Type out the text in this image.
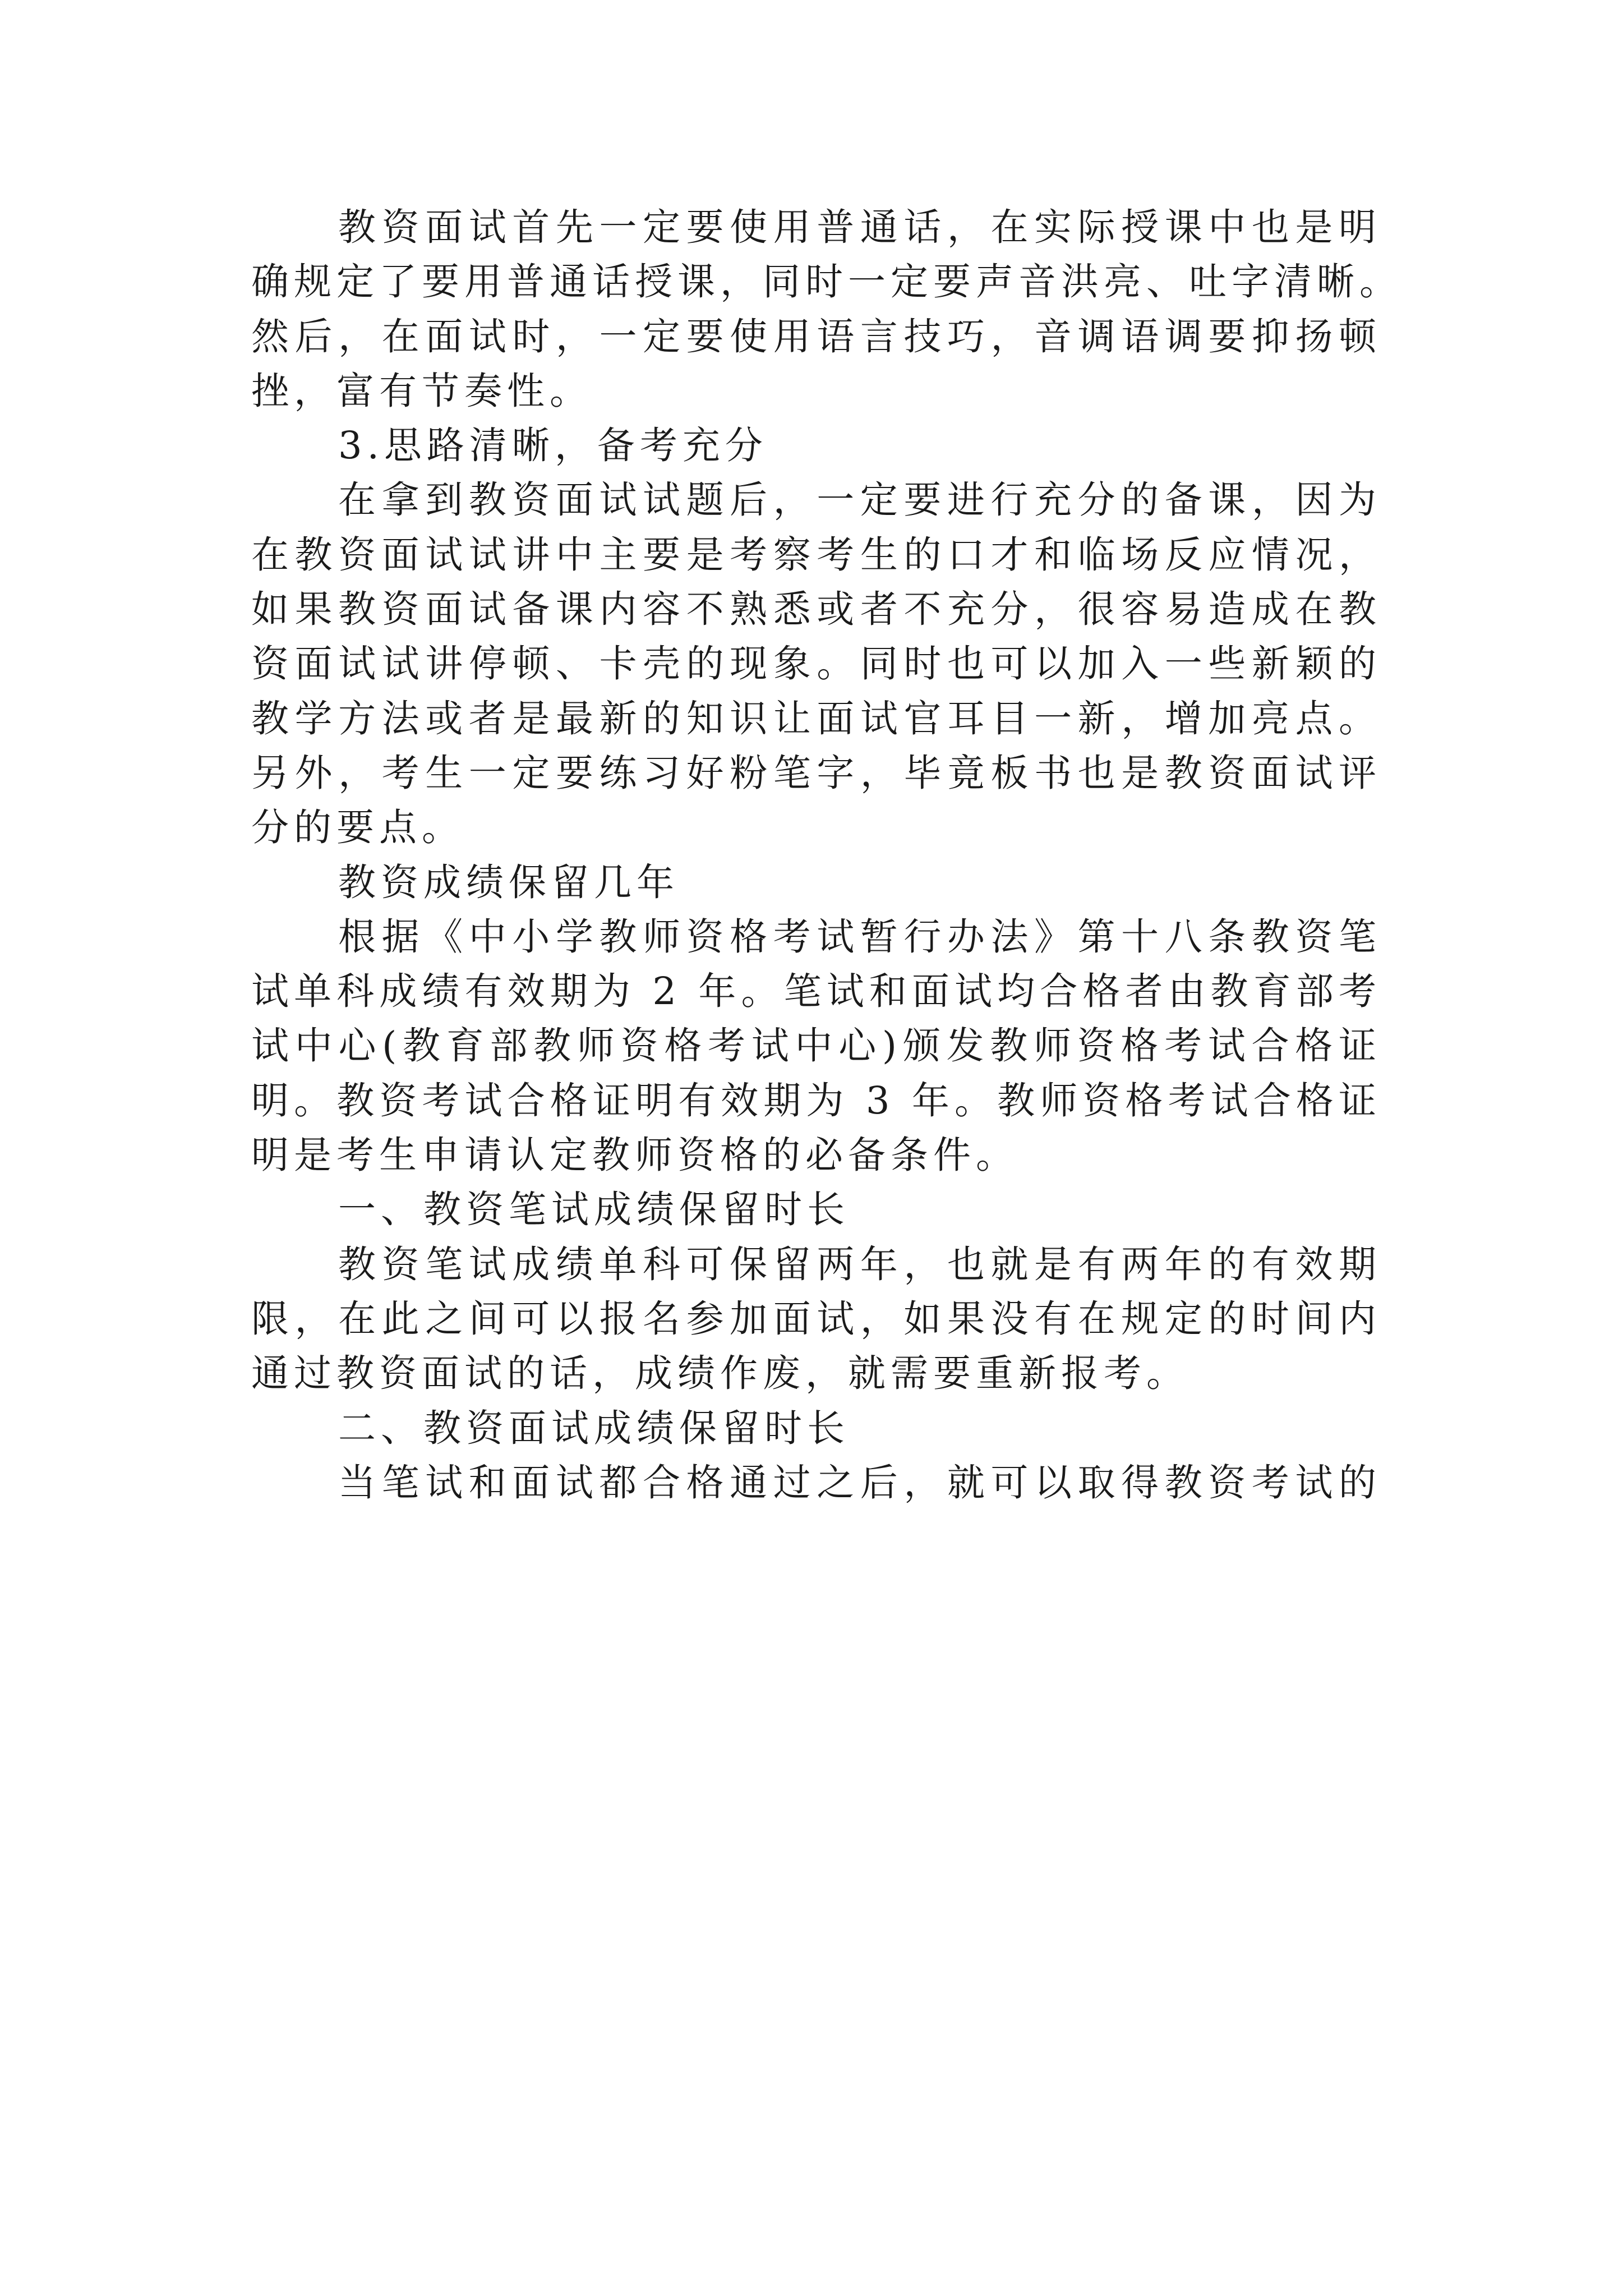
教资面试首先一定要使用普通话，在实际授课中也是明
确规定了要用普通话授课，同时一定要声音洪亮、吐字清晰。
然后，在面试时，一定要使用语言技巧，音调语调要抑扬顿
挫，富有节奏性。
3.思路清晰，备考充分
在拿到教资面试试题后，一定要进行充分的备课，因为
在教资面试试讲中主要是考察考生的口才和临场反应情况，
如果教资面试备课内容不熟悉或者不充分，很容易造成在教
资面试试讲停顿、卡壳的现象。同时也可以加入一些新颖的
教学方法或者是最新的知识让面试官耳目一新，增加亮点。
另外，考生一定要练习好粉笔字，毕竟板书也是教资面试评
分的要点。
教资成绩保留几年
根据《中小学教师资格考试暂行办法》第十八条教资笔
试单科成绩有效期为 2 年。笔试和面试均合格者由教育部考
试中心(教育部教师资格考试中心)颁发教师资格考试合格证
明。教资考试合格证明有效期为 3 年。教师资格考试合格证
明是考生申请认定教师资格的必备条件。
一、教资笔试成绩保留时长
教资笔试成绩单科可保留两年，也就是有两年的有效期
限，在此之间可以报名参加面试，如果没有在规定的时间内
通过教资面试的话，成绩作废，就需要重新报考。
二、教资面试成绩保留时长
当笔试和面试都合格通过之后，就可以取得教资考试的
